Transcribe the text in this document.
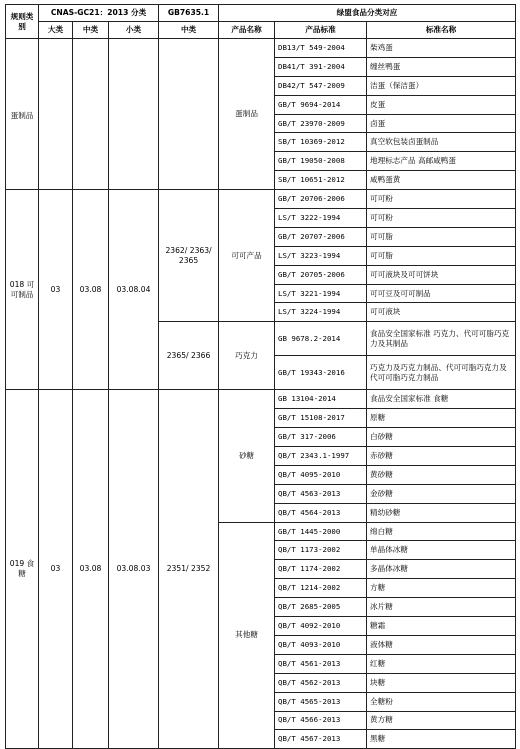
规则类别	CNAS-GC21：2013 分类			GB7635.1	绿盟食品分类对应		
	大类	中类	小类	中类	产品名称	产品标准	标准名称
蛋制品					蛋制品	DB13/T 549-2004	柴鸡蛋
						DB41/T 391-2004	缠丝鸭蛋
						DB42/T 547-2009	洁蛋（保洁蛋）
						GB/T 9694-2014	皮蛋
						GB/T 23970-2009	卤蛋
						SB/T 10369-2012	真空软包装卤蛋制品
						GB/T 19050-2008	地理标志产品 高邮咸鸭蛋
						SB/T 10651-2012	咸鸭蛋黄
018 可可制品	03	03.08	03.08.04	2362/ 2363/ 2365	可可产品	GB/T 20706-2006	可可粉
						LS/T 3222-1994	可可粉
						GB/T 20707-2006	可可脂
						LS/T 3223-1994	可可脂
						GB/T 20705-2006	可可液块及可可饼块
						LS/T 3221-1994	可可豆及可可制品
						LS/T 3224-1994	可可液块
				2365/ 2366	巧克力	GB 9678.2-2014	食品安全国家标准 巧克力、代可可脂巧克力及其制品
						GB/T 19343-2016	巧克力及巧克力制品、代可可脂巧克力及代可可脂巧克力制品
019 食糖	03	03.08	03.08.03	2351/ 2352	砂糖	GB 13104-2014	食品安全国家标准 食糖
						GB/T 15108-2017	原糖
						GB/T 317-2006	白砂糖
						QB/T 2343.1-1997	赤砂糖
						QB/T 4095-2010	黄砂糖
						QB/T 4563-2013	金砂糖
						QB/T 4564-2013	精幼砂糖
					其他糖	GB/T 1445-2000	绵白糖
						QB/T 1173-2002	单晶体冰糖
						QB/T 1174-2002	多晶体冰糖
						QB/T 1214-2002	方糖
						QB/T 2685-2005	冰片糖
						QB/T 4092-2010	糖霜
						QB/T 4093-2010	液体糖
						QB/T 4561-2013	红糖
						QB/T 4562-2013	块糖
						QB/T 4565-2013	全糖粉
						QB/T 4566-2013	黄方糖
						QB/T 4567-2013	黑糖
